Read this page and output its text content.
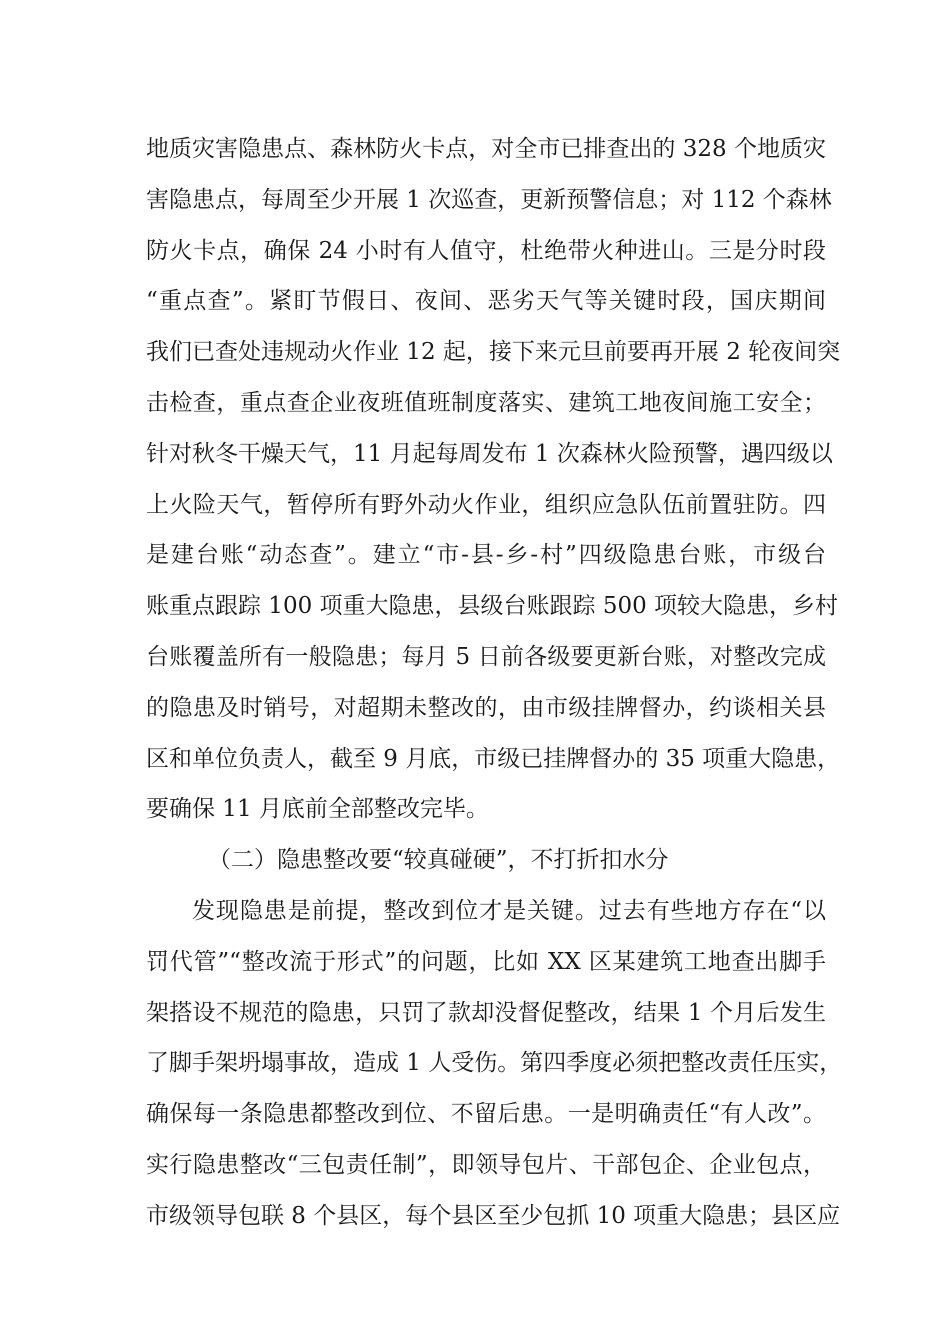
地质灾害隐患点、森林防火卡点，对全市已排查出的 328 个地质灾
害隐患点，每周至少开展 1 次巡查，更新预警信息；对 112 个森林
防火卡点，确保 24 小时有人值守，杜绝带火种进山。三是分时段
“重点查”。紧盯节假日、夜间、恶劣天气等关键时段，国庆期间
我们已查处违规动火作业 12 起，接下来元旦前要再开展 2 轮夜间突
击检查，重点查企业夜班值班制度落实、建筑工地夜间施工安全；
针对秋冬干燥天气，11 月起每周发布 1 次森林火险预警，遇四级以
上火险天气，暂停所有野外动火作业，组织应急队伍前置驻防。四
是建台账“动态查”。建立“市-县-乡-村”四级隐患台账，市级台
账重点跟踪 100 项重大隐患，县级台账跟踪 500 项较大隐患，乡村
台账覆盖所有一般隐患；每月 5 日前各级要更新台账，对整改完成
的隐患及时销号，对超期未整改的，由市级挂牌督办，约谈相关县
区和单位负责人，截至 9 月底，市级已挂牌督办的 35 项重大隐患，
要确保 11 月底前全部整改完毕。
（二）隐患整改要“较真碰硬”，不打折扣水分
发现隐患是前提，整改到位才是关键。过去有些地方存在“以
罚代管”“整改流于形式”的问题，比如 XX 区某建筑工地查出脚手
架搭设不规范的隐患，只罚了款却没督促整改，结果 1 个月后发生
了脚手架坍塌事故，造成 1 人受伤。第四季度必须把整改责任压实，
确保每一条隐患都整改到位、不留后患。一是明确责任“有人改”。
实行隐患整改“三包责任制”，即领导包片、干部包企、企业包点，
市级领导包联 8 个县区，每个县区至少包抓 10 项重大隐患；县区应
